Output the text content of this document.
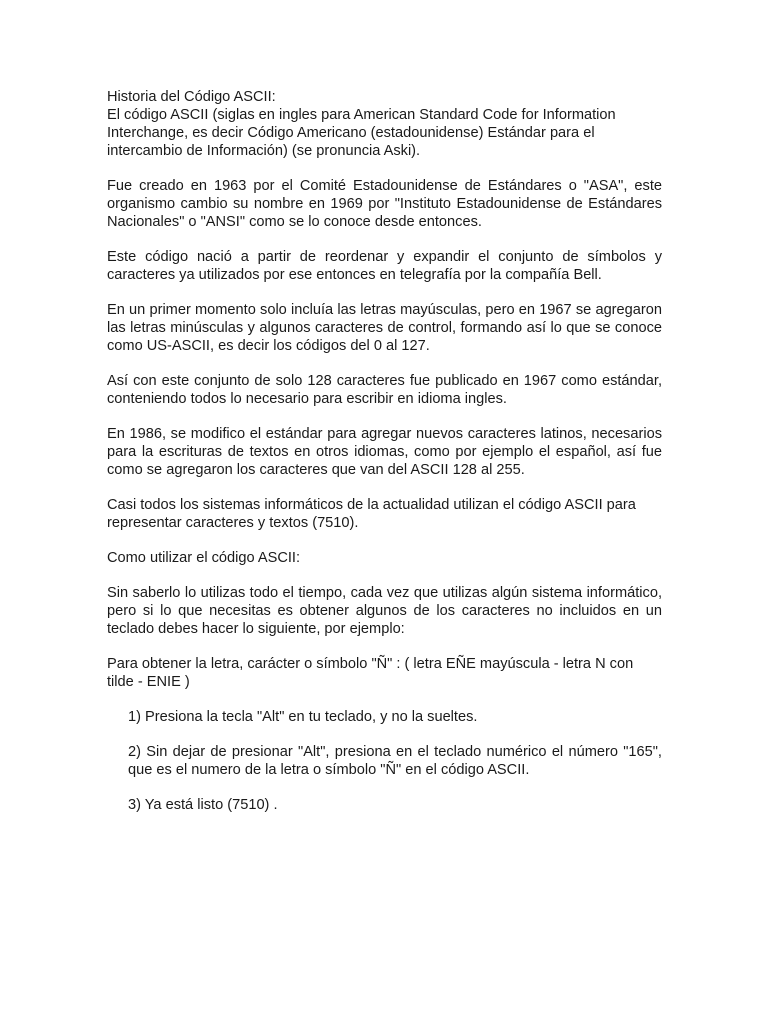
Historia del Código ASCII:
El código ASCII (siglas en ingles para American Standard Code for Information Interchange, es decir Código Americano (estadounidense) Estándar para el intercambio de Información) (se pronuncia Aski).

Fue creado en 1963 por el Comité Estadounidense de Estándares o "ASA", este organismo cambio su nombre en 1969 por "Instituto Estadounidense de Estándares Nacionales" o "ANSI" como se lo conoce desde entonces.

Este código nació a partir de reordenar y expandir el conjunto de símbolos y caracteres ya utilizados por ese entonces en telegrafía por la compañía Bell.

En un primer momento solo incluía las letras mayúsculas, pero en 1967 se agregaron las letras minúsculas y algunos caracteres de control, formando así lo que se conoce como US-ASCII, es decir los códigos del 0 al 127.

Así con este conjunto de solo 128 caracteres fue publicado en 1967 como estándar, conteniendo todos lo necesario para escribir en idioma ingles.

En 1986, se modifico el estándar para agregar nuevos caracteres latinos, necesarios para la escrituras de textos en otros idiomas, como por ejemplo el español, así fue como se agregaron los caracteres que van del ASCII 128 al 255.

Casi todos los sistemas informáticos de la actualidad utilizan el código ASCII para representar caracteres y textos (7510).

Como utilizar el código ASCII:

Sin saberlo lo utilizas todo el tiempo, cada vez que utilizas algún sistema informático, pero si lo que necesitas es obtener algunos de los caracteres no incluidos en un teclado debes hacer lo siguiente, por ejemplo:

Para obtener la letra, carácter o símbolo "Ñ" : ( letra EÑE mayúscula - letra N con tilde - ENIE )

1) Presiona la tecla "Alt" en tu teclado, y no la sueltes.

2) Sin dejar de presionar "Alt", presiona en el teclado numérico el número "165", que es el numero de la letra o símbolo "Ñ" en el código ASCII.

3) Ya está listo (7510) .
